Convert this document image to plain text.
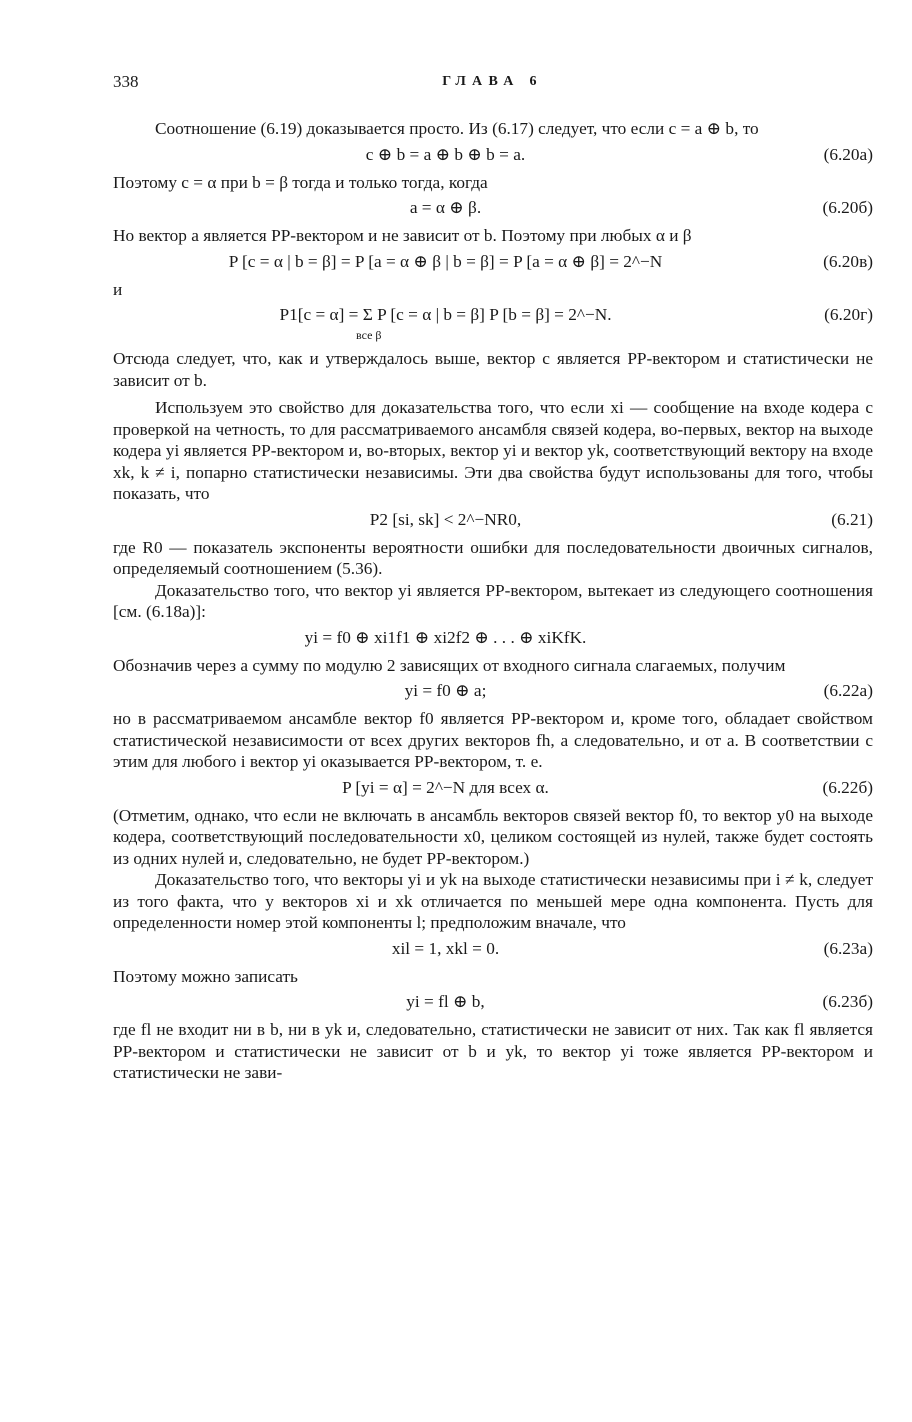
338	ГЛАВА 6

Соотношение (6.19) доказывается просто. Из (6.17) следует, что если c = a ⊕ b, то

c ⊕ b = a ⊕ b ⊕ b = a.	(6.20а)

Поэтому c = α при b = β тогда и только тогда, когда

a = α ⊕ β.	(6.20б)

Но вектор a является PP-вектором и не зависит от b. Поэтому при любых α и β

P [c = α | b = β] = P [a = α ⊕ β | b = β] = P [a = α ⊕ β] = 2^−N	(6.20в)

и

P1[c = α] = Σ P [c = α | b = β] P [b = β] = 2^−N.	(6.20г)
все β

Отсюда следует, что, как и утверждалось выше, вектор c является PP-вектором и статистически не зависит от b.

Используем это свойство для доказательства того, что если xi — сообщение на входе кодера с проверкой на четность, то для рассматриваемого ансамбля связей кодера, во-первых, вектор на выходе кодера yi является PP-вектором и, во-вторых, вектор yi и вектор yk, соответствующий вектору на входе xk, k ≠ i, попарно статистически независимы. Эти два свойства будут использованы для того, чтобы показать, что

P2 [si, sk] < 2^−NR0,	(6.21)

где R0 — показатель экспоненты вероятности ошибки для последовательности двоичных сигналов, определяемый соотношением (5.36).

Доказательство того, что вектор yi является PP-вектором, вытекает из следующего соотношения [см. (6.18а)]:

yi = f0 ⊕ xi1f1 ⊕ xi2f2 ⊕ . . . ⊕ xiKfK.

Обозначив через a сумму по модулю 2 зависящих от входного сигнала слагаемых, получим

yi = f0 ⊕ a;	(6.22а)

но в рассматриваемом ансамбле вектор f0 является PP-вектором и, кроме того, обладает свойством статистической независимости от всех других векторов fh, а следовательно, и от a. В соответствии с этим для любого i вектор yi оказывается PP-вектором, т. е.

P [yi = α] = 2^−N для всех α.	(6.22б)

(Отметим, однако, что если не включать в ансамбль векторов связей вектор f0, то вектор y0 на выходе кодера, соответствующий последовательности x0, целиком состоящей из нулей, также будет состоять из одних нулей и, следовательно, не будет PP-вектором.)

Доказательство того, что векторы yi и yk на выходе статистически независимы при i ≠ k, следует из того факта, что у векторов xi и xk отличается по меньшей мере одна компонента. Пусть для определенности номер этой компоненты l; предположим вначале, что

xil = 1, xkl = 0.	(6.23а)

Поэтому можно записать

yi = fl ⊕ b,	(6.23б)

где fl не входит ни в b, ни в yk и, следовательно, статистически не зависит от них. Так как fl является PP-вектором и статистически не зависит от b и yk, то вектор yi тоже является PP-вектором и статистически не зави-
